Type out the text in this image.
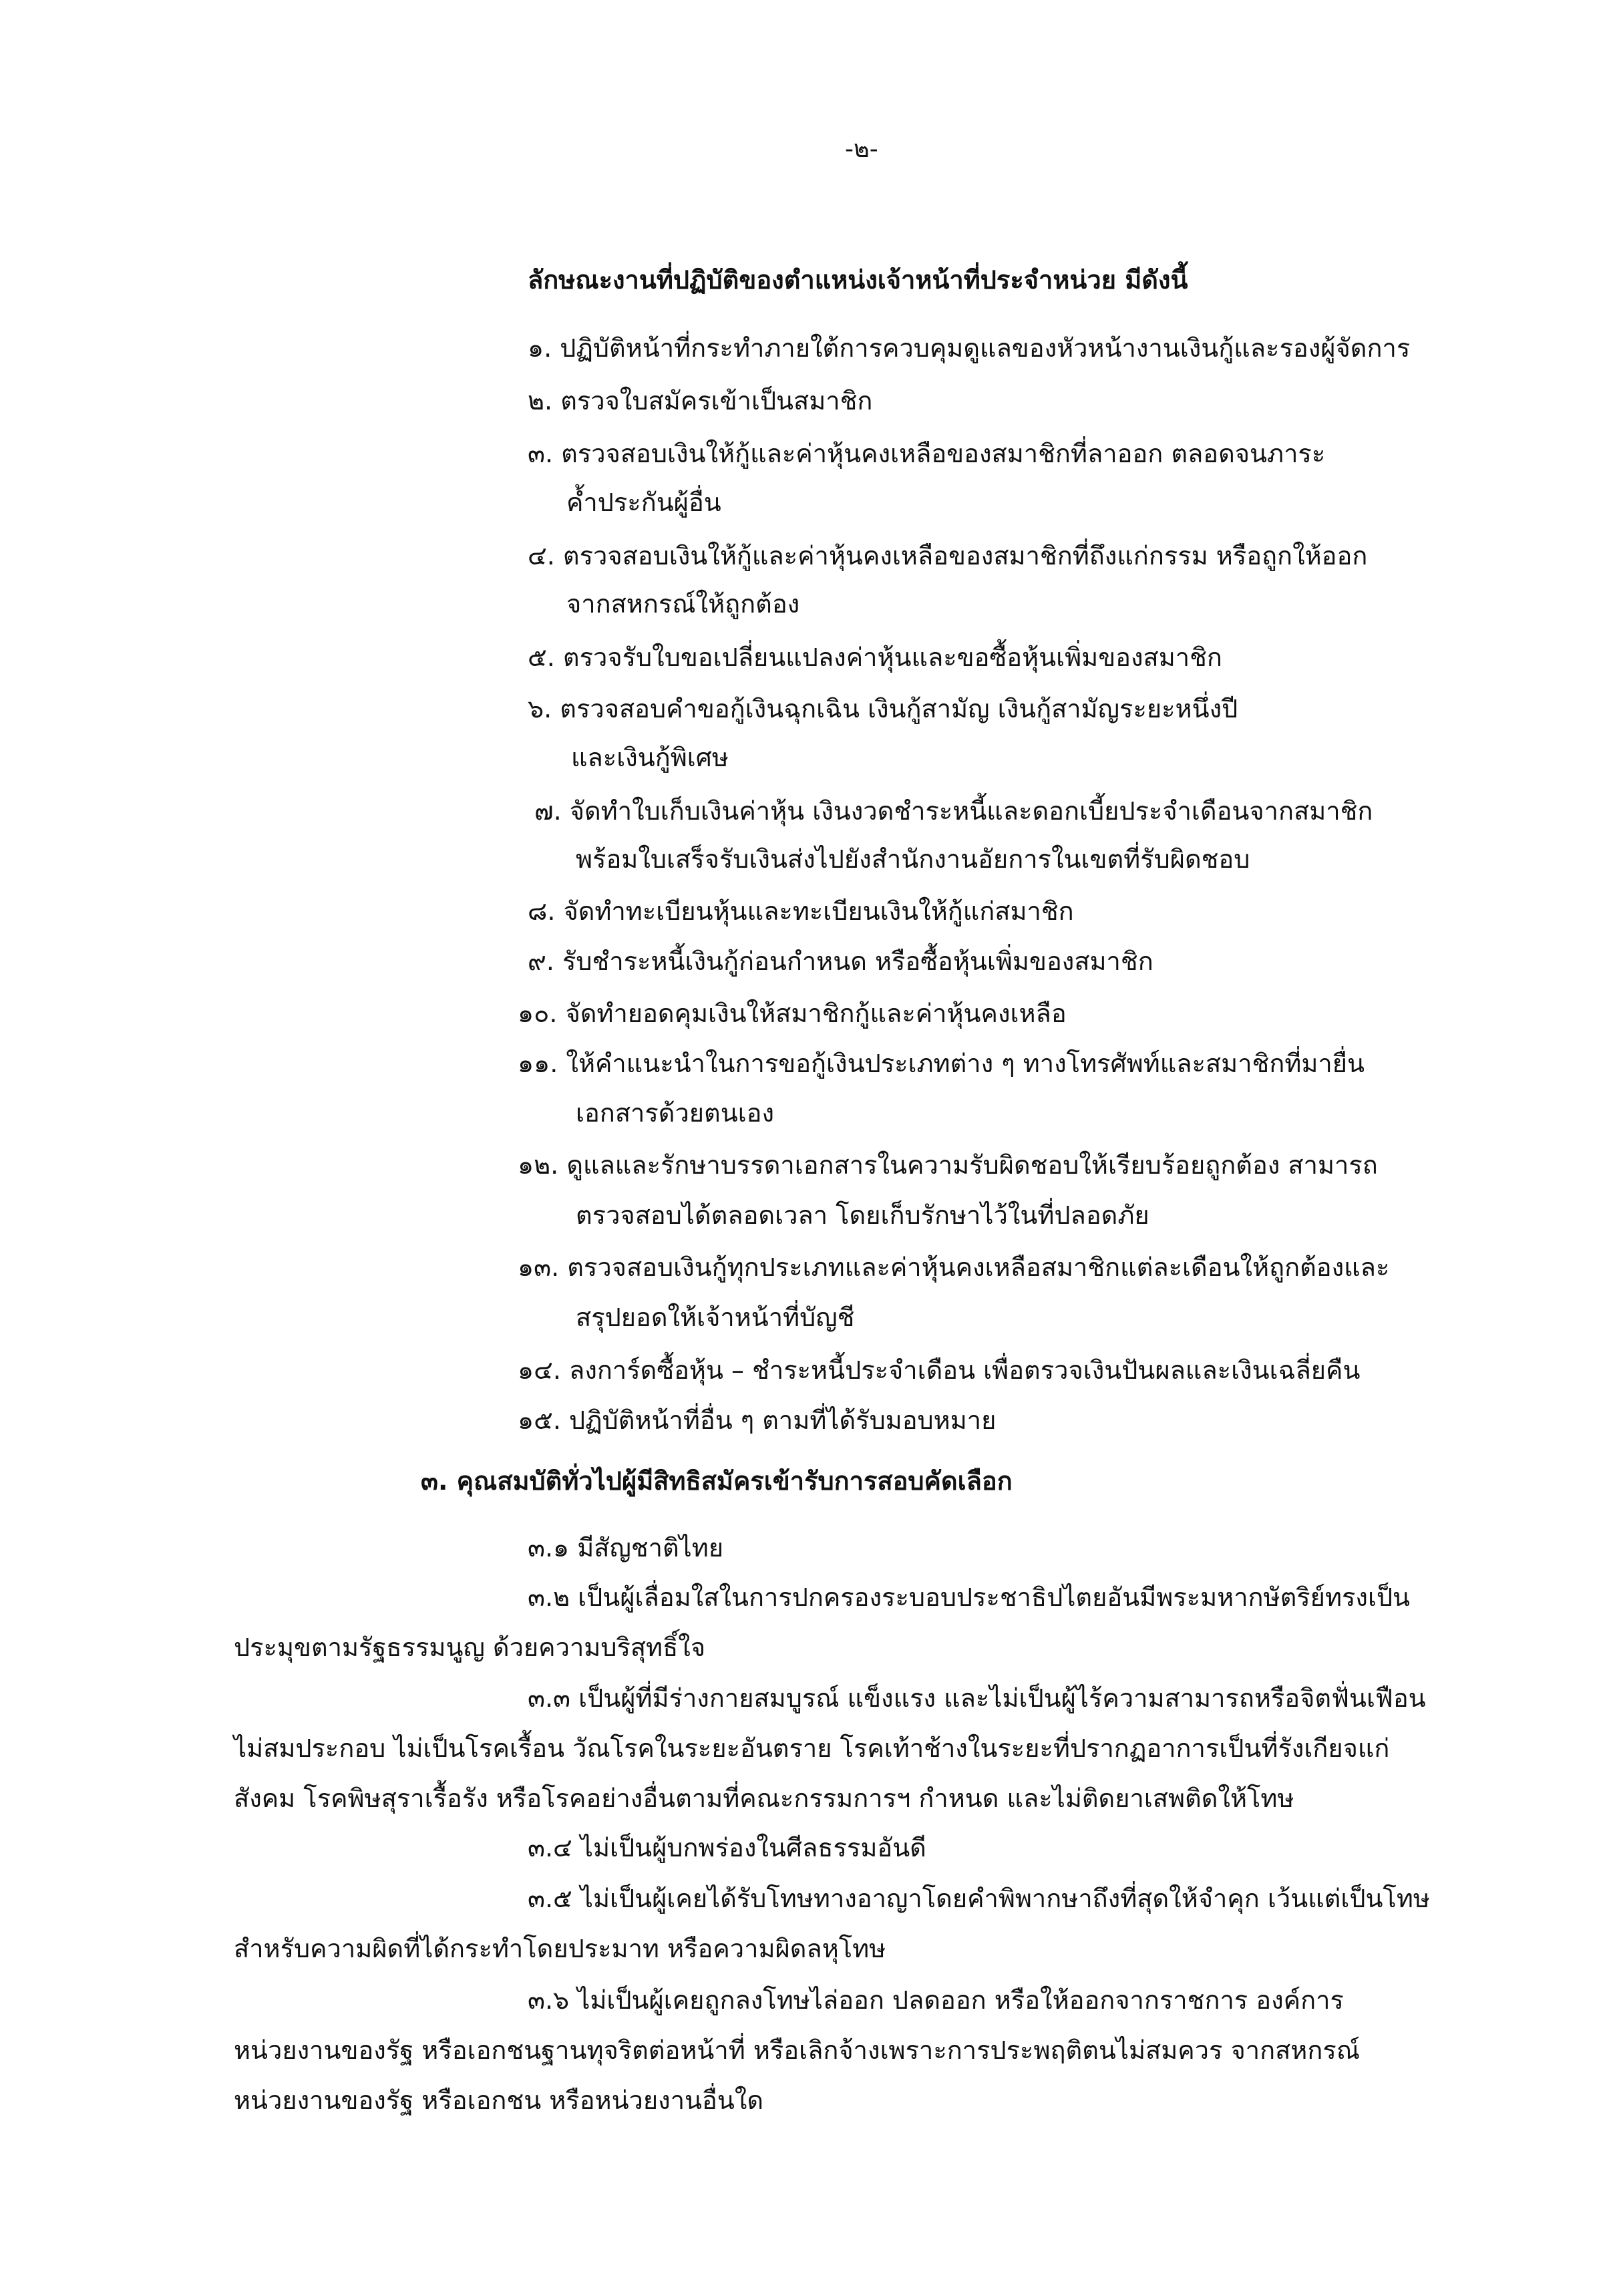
-๒-
ลักษณะงานที่ปฏิบัติของตำแหน่งเจ้าหน้าที่ประจำหน่วย มีดังนี้
๑. ปฏิบัติหน้าที่กระทำภายใต้การควบคุมดูแลของหัวหน้างานเงินกู้และรองผู้จัดการ
๒. ตรวจใบสมัครเข้าเป็นสมาชิก
๓. ตรวจสอบเงินให้กู้และค่าหุ้นคงเหลือของสมาชิกที่ลาออก ตลอดจนภาระ
ค้ำประกันผู้อื่น
๔. ตรวจสอบเงินให้กู้และค่าหุ้นคงเหลือของสมาชิกที่ถึงแก่กรรม หรือถูกให้ออก
จากสหกรณ์ให้ถูกต้อง
๕. ตรวจรับใบขอเปลี่ยนแปลงค่าหุ้นและขอซื้อหุ้นเพิ่มของสมาชิก
๖. ตรวจสอบคำขอกู้เงินฉุกเฉิน เงินกู้สามัญ เงินกู้สามัญระยะหนึ่งปี
และเงินกู้พิเศษ
๗. จัดทำใบเก็บเงินค่าหุ้น เงินงวดชำระหนี้และดอกเบี้ยประจำเดือนจากสมาชิก
พร้อมใบเสร็จรับเงินส่งไปยังสำนักงานอัยการในเขตที่รับผิดชอบ
๘. จัดทำทะเบียนหุ้นและทะเบียนเงินให้กู้แก่สมาชิก
๙. รับชำระหนี้เงินกู้ก่อนกำหนด หรือซื้อหุ้นเพิ่มของสมาชิก
๑๐. จัดทำยอดคุมเงินให้สมาชิกกู้และค่าหุ้นคงเหลือ
๑๑. ให้คำแนะนำในการขอกู้เงินประเภทต่าง ๆ ทางโทรศัพท์และสมาชิกที่มายื่น
เอกสารด้วยตนเอง
๑๒. ดูแลและรักษาบรรดาเอกสารในความรับผิดชอบให้เรียบร้อยถูกต้อง สามารถ
ตรวจสอบได้ตลอดเวลา โดยเก็บรักษาไว้ในที่ปลอดภัย
๑๓. ตรวจสอบเงินกู้ทุกประเภทและค่าหุ้นคงเหลือสมาชิกแต่ละเดือนให้ถูกต้องและ
สรุปยอดให้เจ้าหน้าที่บัญชี
๑๔. ลงการ์ดซื้อหุ้น – ชำระหนี้ประจำเดือน เพื่อตรวจเงินปันผลและเงินเฉลี่ยคืน
๑๕. ปฏิบัติหน้าที่อื่น ๆ ตามที่ได้รับมอบหมาย
๓. คุณสมบัติทั่วไปผู้มีสิทธิสมัครเข้ารับการสอบคัดเลือก
๓.๑ มีสัญชาติไทย
๓.๒ เป็นผู้เลื่อมใสในการปกครองระบอบประชาธิปไตยอันมีพระมหากษัตริย์ทรงเป็น
ประมุขตามรัฐธรรมนูญ ด้วยความบริสุทธิ์ใจ
๓.๓ เป็นผู้ที่มีร่างกายสมบูรณ์ แข็งแรง และไม่เป็นผู้ไร้ความสามารถหรือจิตฟั่นเฟือน
ไม่สมประกอบ ไม่เป็นโรคเรื้อน วัณโรคในระยะอันตราย โรคเท้าช้างในระยะที่ปรากฏอาการเป็นที่รังเกียจแก่
สังคม โรคพิษสุราเรื้อรัง หรือโรคอย่างอื่นตามที่คณะกรรมการฯ กำหนด และไม่ติดยาเสพติดให้โทษ
๓.๔ ไม่เป็นผู้บกพร่องในศีลธรรมอันดี
๓.๕ ไม่เป็นผู้เคยได้รับโทษทางอาญาโดยคำพิพากษาถึงที่สุดให้จำคุก เว้นแต่เป็นโทษ
สำหรับความผิดที่ได้กระทำโดยประมาท หรือความผิดลหุโทษ
๓.๖ ไม่เป็นผู้เคยถูกลงโทษไล่ออก ปลดออก หรือให้ออกจากราชการ องค์การ
หน่วยงานของรัฐ หรือเอกชนฐานทุจริตต่อหน้าที่ หรือเลิกจ้างเพราะการประพฤติตนไม่สมควร จากสหกรณ์
หน่วยงานของรัฐ หรือเอกชน หรือหน่วยงานอื่นใด
